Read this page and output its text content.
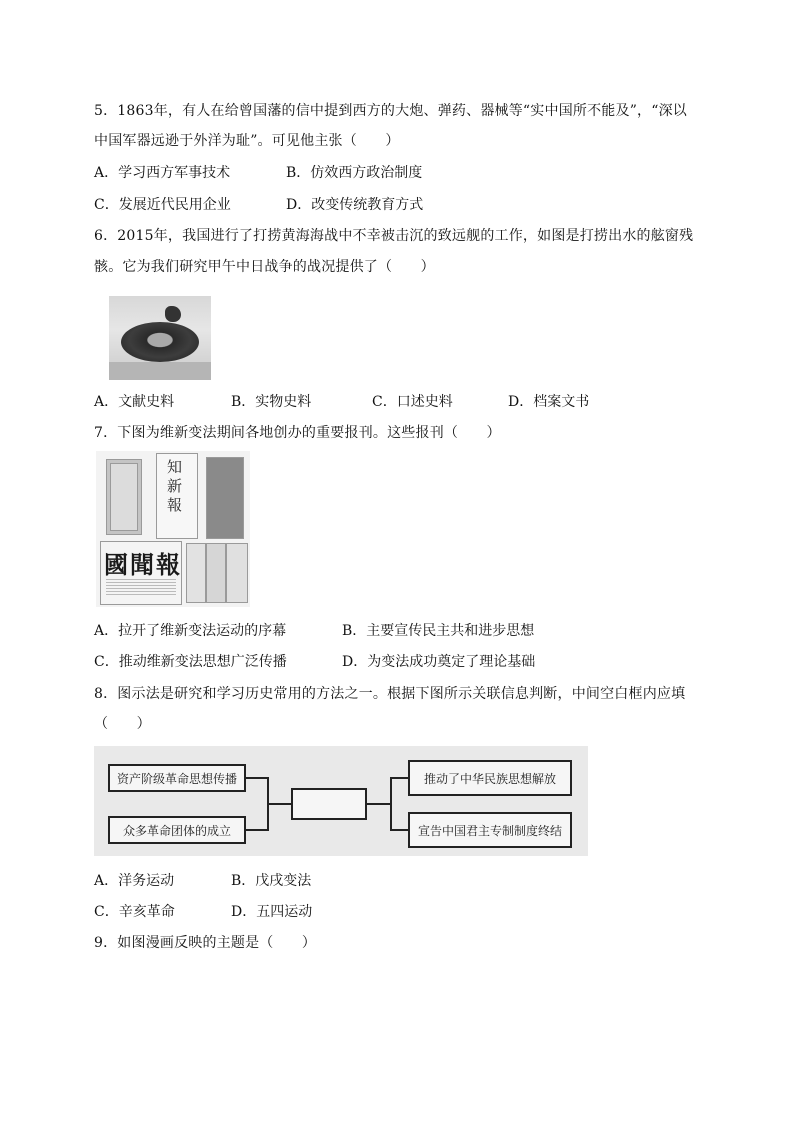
5．1863年，有人在给曾国藩的信中提到西方的大炮、弹药、器械等“实中国所不能及”，“深以
中国军器远逊于外洋为耻”。可见他主张（　　）
A．学习西方军事技术	B．仿效西方政治制度
C．发展近代民用企业	D．改变传统教育方式
6．2015年，我国进行了打捞黄海海战中不幸被击沉的致远舰的工作，如图是打捞出水的舷窗残
骸。它为我们研究甲午中日战争的战况提供了（　　）
A．文献史料	B．实物史料	C．口述史料	D．档案文书
7．下图为维新变法期间各地创办的重要报刊。这些报刊（　　）
知新報
國聞報
A．拉开了维新变法运动的序幕	B．主要宣传民主共和进步思想
C．推动维新变法思想广泛传播	D．为变法成功奠定了理论基础
8．图示法是研究和学习历史常用的方法之一。根据下图所示关联信息判断，中间空白框内应填
（　　）
资产阶级革命思想传播
众多革命团体的成立
推动了中华民族思想解放
宣告中国君主专制制度终结
A．洋务运动	B．戊戌变法
C．辛亥革命	D．五四运动
9．如图漫画反映的主题是（　　）
